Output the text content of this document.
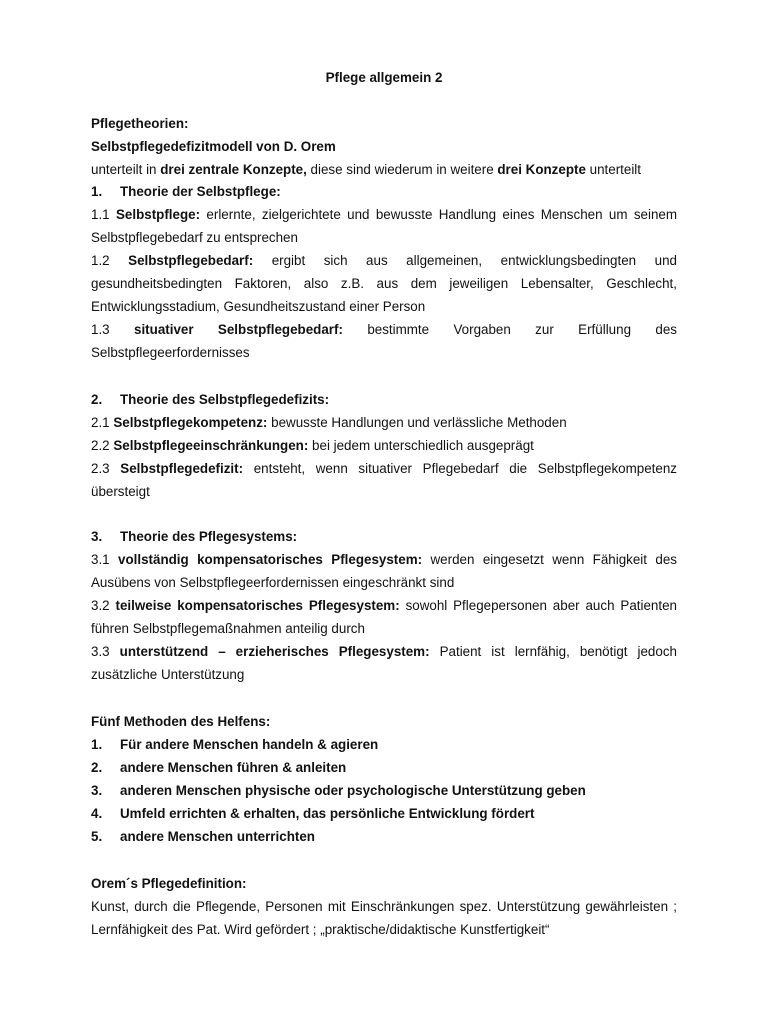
Pflege allgemein 2
Pflegetheorien:
Selbstpflegedefizitmodell von D. Orem
unterteilt in drei zentrale Konzepte, diese sind wiederum in weitere drei Konzepte unterteilt
1. Theorie der Selbstpflege:
1.1 Selbstpflege: erlernte, zielgerichtete und bewusste Handlung eines Menschen um seinem Selbstpflegebedarf zu entsprechen
1.2 Selbstpflegebedarf: ergibt sich aus allgemeinen, entwicklungsbedingten und gesundheitsbedingten Faktoren, also z.B. aus dem jeweiligen Lebensalter, Geschlecht, Entwicklungsstadium, Gesundheitszustand einer Person
1.3 situativer Selbstpflegebedarf: bestimmte Vorgaben zur Erfüllung des Selbstpflegeerfordernisses
2. Theorie des Selbstpflegedefizits:
2.1 Selbstpflegekompetenz: bewusste Handlungen und verlässliche Methoden
2.2 Selbstpflegeeinschränkungen: bei jedem unterschiedlich ausgeprägt
2.3 Selbstpflegedefizit: entsteht, wenn situativer Pflegebedarf die Selbstpflegekompetenz übersteigt
3. Theorie des Pflegesystems:
3.1 vollständig kompensatorisches Pflegesystem: werden eingesetzt wenn Fähigkeit des Ausübens von Selbstpflegeerfordernissen eingeschränkt sind
3.2 teilweise kompensatorisches Pflegesystem: sowohl Pflegepersonen aber auch Patienten führen Selbstpflegemaßnahmen anteilig durch
3.3 unterstützend – erzieherisches Pflegesystem: Patient ist lernfähig, benötigt jedoch zusätzliche Unterstützung
Fünf Methoden des Helfens:
1. Für andere Menschen handeln & agieren
2. andere Menschen führen & anleiten
3. anderen Menschen physische oder psychologische Unterstützung geben
4. Umfeld errichten & erhalten, das persönliche Entwicklung fördert
5. andere Menschen unterrichten
Orem´s Pflegedefinition:
Kunst, durch die Pflegende, Personen mit Einschränkungen spez. Unterstützung gewährleisten ; Lernfähigkeit des Pat. Wird gefördert ; „praktische/didaktische Kunstfertigkeit“
